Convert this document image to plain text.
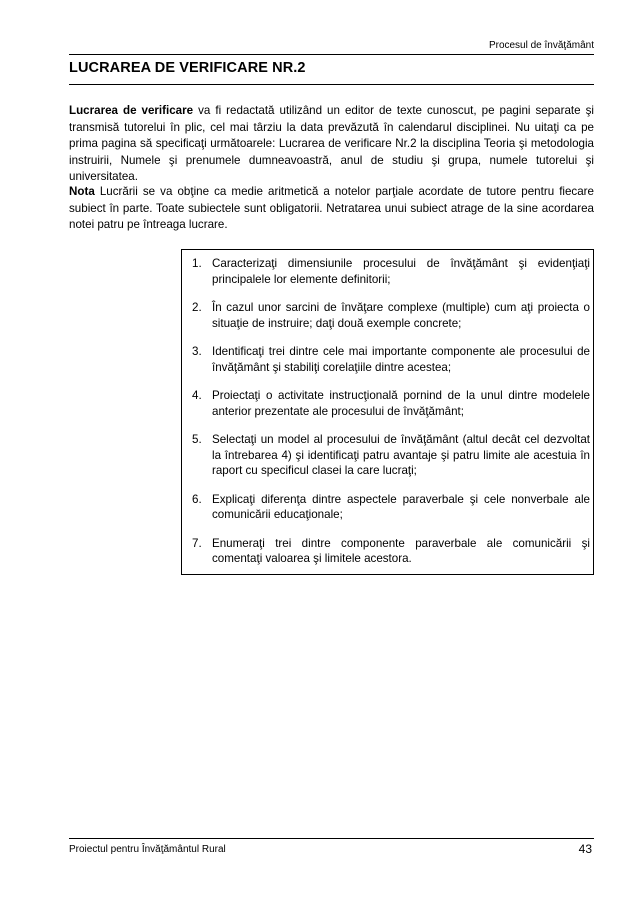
Procesul de învăţământ
LUCRAREA DE VERIFICARE NR.2

Lucrarea de verificare va fi redactată utilizând un editor de texte cunoscut, pe pagini separate şi transmisă tutorelui în plic, cel mai târziu la data prevăzută în calendarul disciplinei. Nu uitaţi ca pe prima pagina să specificaţi următoarele: Lucrarea de verificare Nr.2 la disciplina Teoria şi metodologia instruirii, Numele şi prenumele dumneavoastră, anul de studiu şi grupa, numele tutorelui şi universitatea.

Nota Lucrării se va obţine ca medie aritmetică a notelor parţiale acordate de tutore pentru fiecare subiect în parte. Toate subiectele sunt obligatorii. Netratarea unui subiect atrage de la sine acordarea notei patru pe întreaga lucrare.

1. Caracterizaţi dimensiunile procesului de învăţământ şi evidenţiaţi principalele lor elemente definitorii;
2. În cazul unor sarcini de învăţare complexe (multiple) cum aţi proiecta o situaţie de instruire; daţi două exemple concrete;
3. Identificaţi trei dintre cele mai importante componente ale procesului de învăţământ şi stabiliţi corelaţiile dintre acestea;
4. Proiectaţi o activitate instrucţională pornind de la unul dintre modelele anterior prezentate ale procesului de învăţământ;
5. Selectaţi un model al procesului de învăţământ (altul decât cel dezvoltat la întrebarea 4) şi identificaţi patru avantaje şi patru limite ale acestuia în raport cu specificul clasei la care lucraţi;
6. Explicaţi diferenţa dintre aspectele paraverbale şi cele nonverbale ale comunicării educaţionale;
7. Enumeraţi trei dintre componente paraverbale ale comunicării şi comentaţi valoarea şi limitele acestora.
Proiectul pentru Învăţământul Rural	43
